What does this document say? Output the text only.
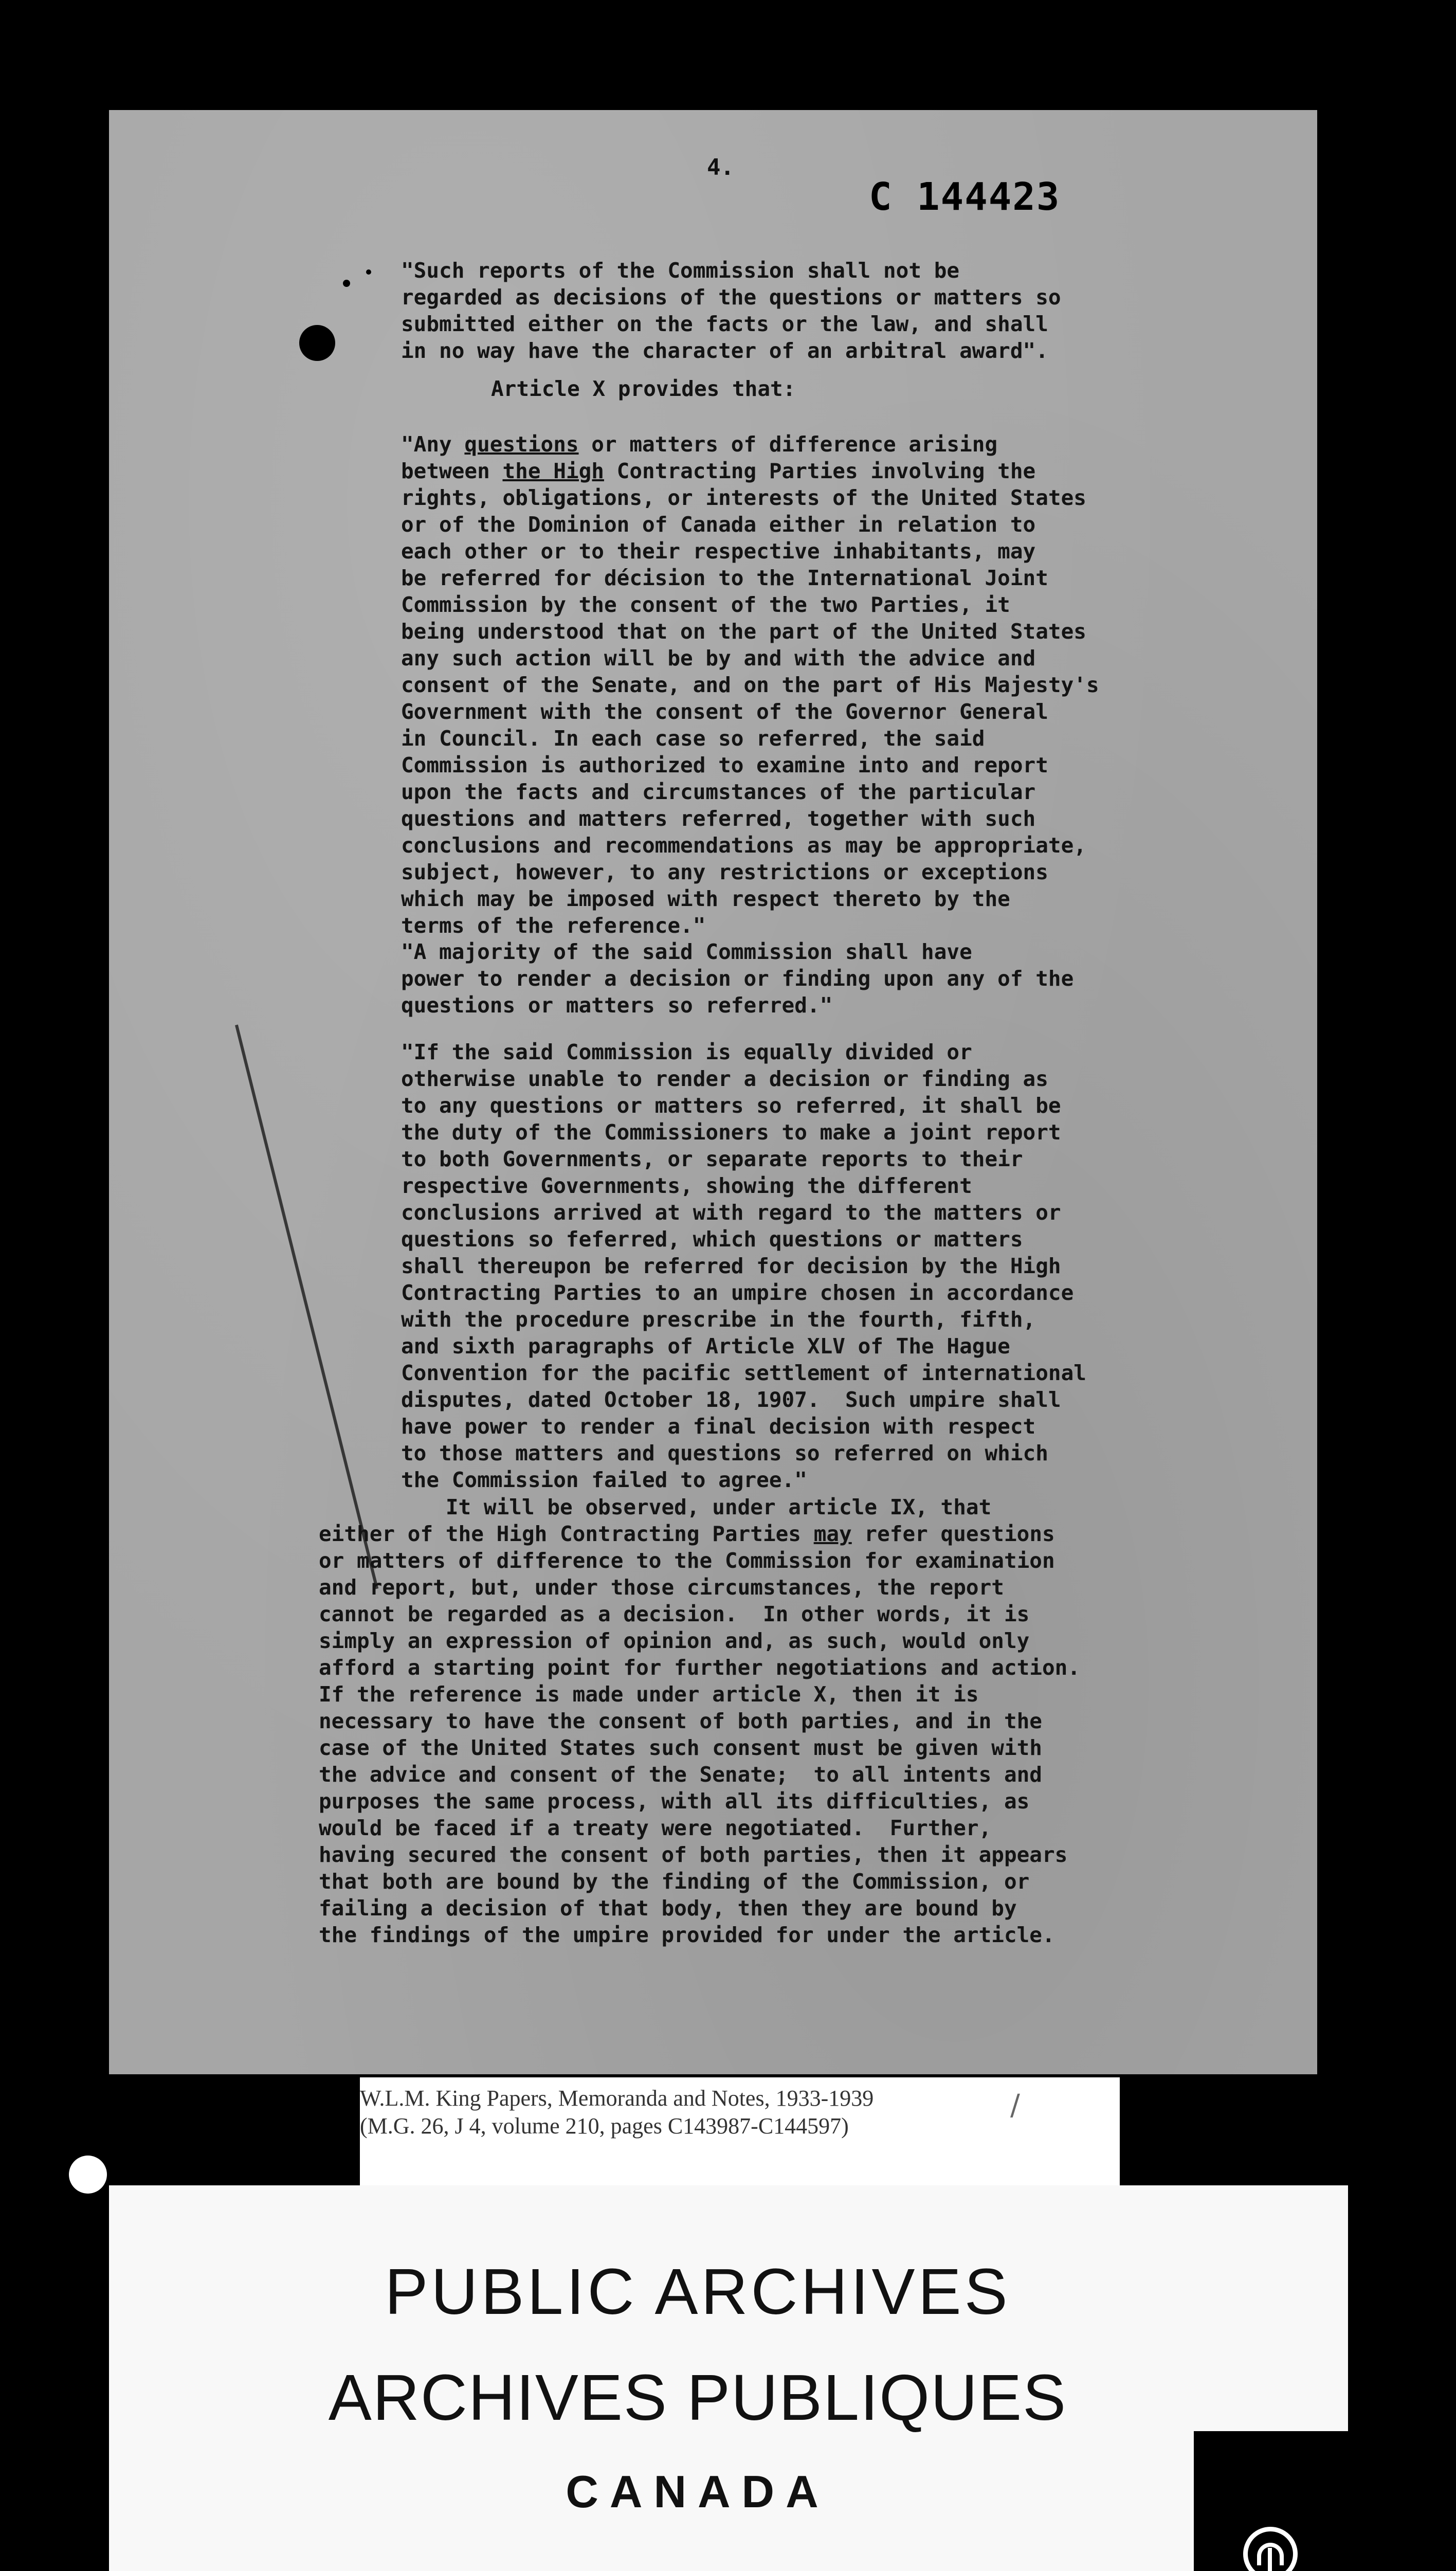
4.
C 144423

"Such reports of the Commission shall not be
regarded as decisions of the questions or matters so
submitted either on the facts or the law, and shall
in no way have the character of an arbitral award".

Article X provides that:

"Any questions or matters of difference arising
between the High Contracting Parties involving the
rights, obligations, or interests of the United States
or of the Dominion of Canada either in relation to
each other or to their respective inhabitants, may
be referred for décision to the International Joint
Commission by the consent of the two Parties, it
being understood that on the part of the United States
any such action will be by and with the advice and
consent of the Senate, and on the part of His Majesty's
Government with the consent of the Governor General
in Council. In each case so referred, the said
Commission is authorized to examine into and report
upon the facts and circumstances of the particular
questions and matters referred, together with such
conclusions and recommendations as may be appropriate,
subject, however, to any restrictions or exceptions
which may be imposed with respect thereto by the
terms of the reference."

"A majority of the said Commission shall have
power to render a decision or finding upon any of the
questions or matters so referred."

"If the said Commission is equally divided or
otherwise unable to render a decision or finding as
to any questions or matters so referred, it shall be
the duty of the Commissioners to make a joint report
to both Governments, or separate reports to their
respective Governments, showing the different
conclusions arrived at with regard to the matters or
questions so feferred, which questions or matters
shall thereupon be referred for decision by the High
Contracting Parties to an umpire chosen in accordance
with the procedure prescribe in the fourth, fifth,
and sixth paragraphs of Article XLV of The Hague
Convention for the pacific settlement of international
disputes, dated October 18, 1907.  Such umpire shall
have power to render a final decision with respect
to those matters and questions so referred on which
the Commission failed to agree."

It will be observed, under article IX, that
either of the High Contracting Parties may refer questions
or matters of difference to the Commission for examination
and report, but, under those circumstances, the report
cannot be regarded as a decision.  In other words, it is
simply an expression of opinion and, as such, would only
afford a starting point for further negotiations and action.
If the reference is made under article X, then it is
necessary to have the consent of both parties, and in the
case of the United States such consent must be given with
the advice and consent of the Senate;  to all intents and
purposes the same process, with all its difficulties, as
would be faced if a treaty were negotiated.  Further,
having secured the consent of both parties, then it appears
that both are bound by the finding of the Commission, or
failing a decision of that body, then they are bound by
the findings of the umpire provided for under the article.

W.L.M. King Papers, Memoranda and Notes, 1933-1939
(M.G. 26, J 4, volume 210, pages C143987-C144597)

/

PUBLIC ARCHIVES

ARCHIVES PUBLIQUES

CANADA
